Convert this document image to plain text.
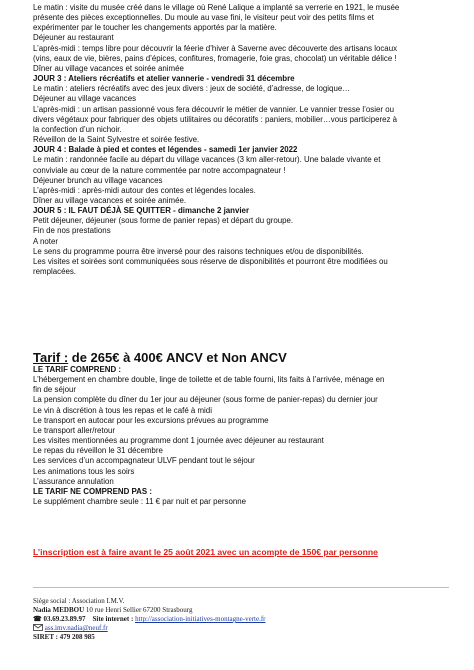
Le matin : visite du musée créé dans le village où René Lalique a implanté sa verrerie en 1921, le musée
présente des pièces exceptionnelles. Du moule au vase fini, le visiteur peut voir des petits films et
expérimenter par le toucher les changements apportés par la matière.
Déjeuner au restaurant
L’après-midi : temps libre pour découvrir la féerie d’hiver à Saverne avec découverte des artisans locaux
(vins, eaux de vie, bières, pains d’épices, confitures, fromagerie, foie gras, chocolat) un véritable délice !
Dîner au village vacances et soirée animée
JOUR 3 : Ateliers récréatifs et atelier vannerie - vendredi 31 décembre
Le matin : ateliers récréatifs avec des jeux divers : jeux de société, d’adresse, de logique…
Déjeuner au village vacances
L’après-midi : un artisan passionné vous fera découvrir le métier de vannier. Le vannier tresse l’osier ou
divers végétaux pour fabriquer des objets utilitaires ou décoratifs : paniers, mobilier…vous participerez à
la confection d’un nichoir.
Réveillon de la Saint Sylvestre et soirée festive.
JOUR 4 : Balade à pied et contes et légendes - samedi 1er janvier 2022
Le matin : randonnée facile au départ du village vacances (3 km aller-retour). Une balade vivante et
conviviale au cœur de la nature commentée par notre accompagnateur !
Déjeuner brunch au village vacances
L’après-midi : après-midi autour des contes et légendes locales.
Dîner au village vacances et soirée animée.
JOUR 5 : IL FAUT DÉJÀ SE QUITTER - dimanche 2 janvier
Petit déjeuner, déjeuner (sous forme de panier repas) et départ du groupe.
Fin de nos prestations
A noter
Le sens du programme pourra être inversé pour des raisons techniques et/ou de disponibilités.
Les visites et soirées sont communiquées sous réserve de disponibilités et pourront être modifiées ou
remplacées.
Tarif : de 265€ à 400€ ANCV et Non ANCV
LE TARIF COMPREND :
L’hébergement en chambre double, linge de toilette et de table fourni, lits faits à l’arrivée, ménage en
fin de séjour
La pension complète du dîner du 1er jour au déjeuner (sous forme de panier-repas) du dernier jour
Le vin à discrétion à tous les repas et le café à midi
Le transport en autocar pour les excursions prévues au programme
Le transport aller/retour
Les visites mentionnées au programme dont 1 journée avec déjeuner au restaurant
Le repas du réveillon le 31 décembre
Les services d’un accompagnateur ULVF pendant tout le séjour
Les animations tous les soirs
L’assurance annulation
LE TARIF NE COMPREND PAS :
Le supplément chambre seule : 11 € par nuit et par personne
L’inscription est à faire avant le 25 août 2021 avec un acompte de 150€ par personne
Siège social : Association I.M.V.
Nadia MEDBOU 10 rue Henri Sellier 67200 Strasbourg
☎ 03.69.23.89.97 Site internet : http://association-initiatives-montagne-verte.fr
ass.imv.nadia@neuf.fr
SIRET : 479 208 985
